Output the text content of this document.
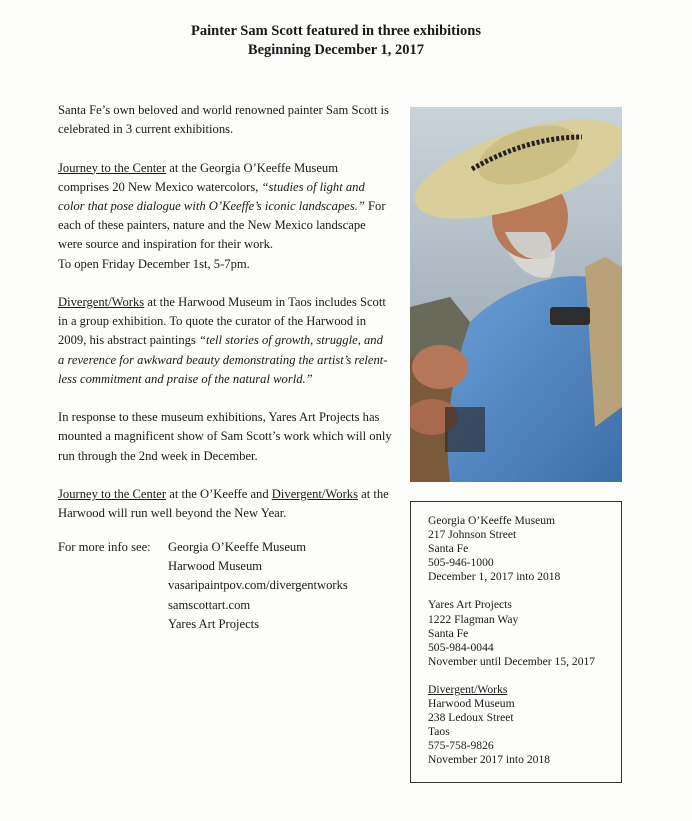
Painter Sam Scott featured in three exhibitions
Beginning December 1, 2017

Santa Fe’s own beloved and world renowned painter Sam Scott is
celebrated in 3 current exhibitions.

Journey to the Center at the Georgia O’Keeffe Museum
comprises 20 New Mexico watercolors, “studies of light and
color that pose dialogue with O’Keeffe’s iconic landscapes.” For
each of these painters, nature and the New Mexico landscape
were source and inspiration for their work.
To open Friday December 1st, 5-7pm.

Divergent/Works at the Harwood Museum in Taos includes Scott
in a group exhibition. To quote the curator of the Harwood in
2009, his abstract paintings “tell stories of growth, struggle, and
a reverence for awkward beauty demonstrating the artist’s relent-
less commitment and praise of the natural world.”

In response to these museum exhibitions, Yares Art Projects has
mounted a magnificent show of Sam Scott’s work which will only
run through the 2nd week in December.

Journey to the Center at the O’Keeffe and Divergent/Works at the
Harwood will run well beyond the New Year.

For more info see: Georgia O’Keeffe Museum
Harwood Museum
vasaripaintpov.com/divergentworks
samscottart.com
Yares Art Projects
Georgia O’Keeffe Museum
217 Johnson Street
Santa Fe
505-946-1000
December 1, 2017 into 2018
Yares Art Projects
1222 Flagman Way
Santa Fe
505-984-0044
November until December 15, 2017
Divergent/Works
Harwood Museum
238 Ledoux Street
Taos
575-758-9826
November 2017 into 2018
